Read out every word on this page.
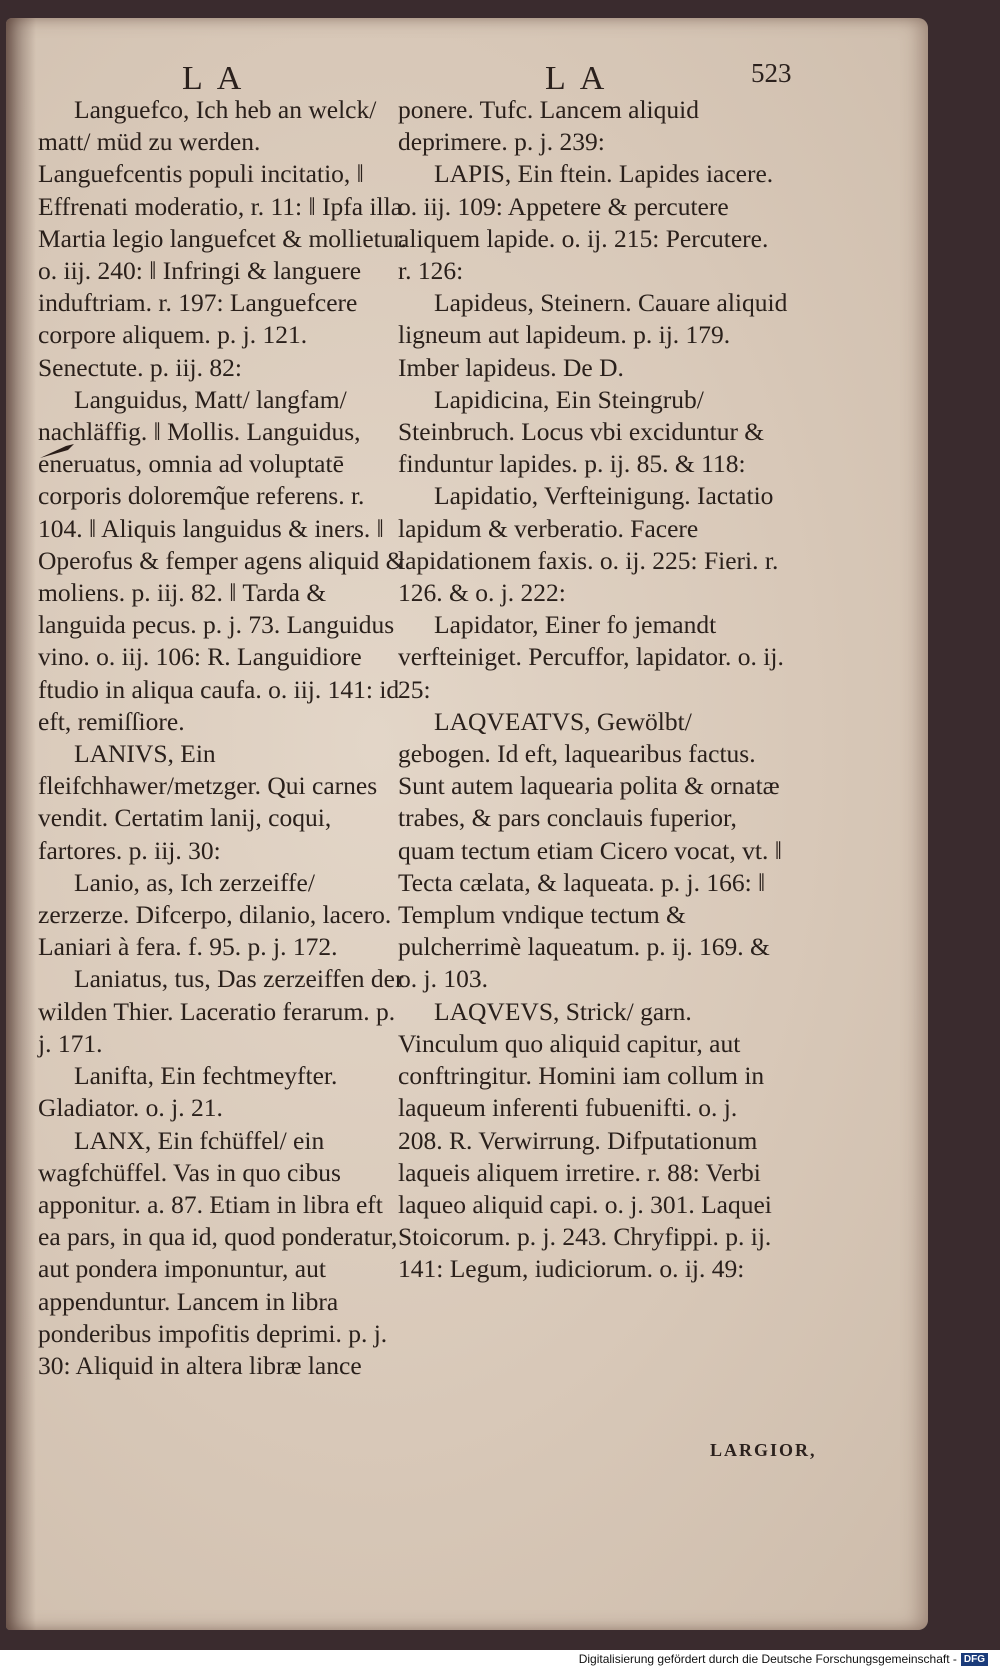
LA	LA	523

Languefco, Ich heb an welck/ matt/ müd zu werden. Languefcentis populi incitatio, ‖ Effrenati moderatio, r. 11: ‖ Ipfa illa Martia legio languefcet & mollietur. o. iij. 240: ‖ Infringi & languere induftriam. r. 197: Languefcere corpore aliquem. p. j. 121. Senectute. p. iij. 82:

Languidus, Matt/ langfam/ nachläffig. ‖ Mollis. Languidus, eneruatus, omnia ad voluptatē corporis doloremq̃ue referens. r. 104. ‖ Aliquis languidus & iners. ‖ Operofus & femper agens aliquid & moliens. p. iij. 82. ‖ Tarda & languida pecus. p. j. 73. Languidus vino. o. iij. 106: R. Languidiore ftudio in aliqua caufa. o. iij. 141: id eft, remiſſiore.

LANIVS, Ein fleifchhawer/metzger. Qui carnes vendit. Certatim lanij, coqui, fartores. p. iij. 30:

Lanio, as, Ich zerzeiffe/ zerzerze. Difcerpo, dilanio, lacero. Laniari à fera. f. 95. p. j. 172.

Laniatus, tus, Das zerzeiffen der wilden Thier. Laceratio ferarum. p. j. 171.

Lanifta, Ein fechtmeyfter. Gladiator. o. j. 21.

LANX, Ein fchüffel/ ein wagfchüffel. Vas in quo cibus apponitur. a. 87. Etiam in libra eft ea pars, in qua id, quod ponderatur, aut pondera imponuntur, aut appenduntur. Lancem in libra ponderibus impofitis deprimi. p. j. 30: Aliquid in altera libræ lance

ponere. Tufc. Lancem aliquid deprimere. p. j. 239:

LAPIS, Ein ftein. Lapides iacere. o. iij. 109: Appetere & percutere aliquem lapide. o. ij. 215: Percutere. r. 126:

Lapideus, Steinern. Cauare aliquid ligneum aut lapideum. p. ij. 179. Imber lapideus. De D.

Lapidicina, Ein Steingrub/ Steinbruch. Locus vbi exciduntur & finduntur lapides. p. ij. 85. & 118:

Lapidatio, Verfteinigung. Iactatio lapidum & verberatio. Facere lapidationem faxis. o. ij. 225: Fieri. r. 126. & o. j. 222:

Lapidator, Einer fo jemandt verfteiniget. Percuffor, lapidator. o. ij. 25:

LAQVEATVS, Gewölbt/ gebogen. Id eft, laquearibus factus. Sunt autem laquearia polita & ornatæ trabes, & pars conclauis fuperior, quam tectum etiam Cicero vocat, vt. ‖ Tecta cælata, & laqueata. p. j. 166: ‖ Templum vndique tectum & pulcherrimè laqueatum. p. ij. 169. & o. j. 103.

LAQVEVS, Strick/ garn. Vinculum quo aliquid capitur, aut conftringitur. Homini iam collum in laqueum inferenti fubuenifti. o. j. 208. R. Verwirrung. Difputationum laqueis aliquem irretire. r. 88: Verbi laqueo aliquid capi. o. j. 301. Laquei Stoicorum. p. j. 243. Chryfippi. p. ij. 141: Legum, iudiciorum. o. ij. 49:

LARGIOR,
Digitalisierung gefördert durch die Deutsche Forschungsgemeinschaft - DFG
